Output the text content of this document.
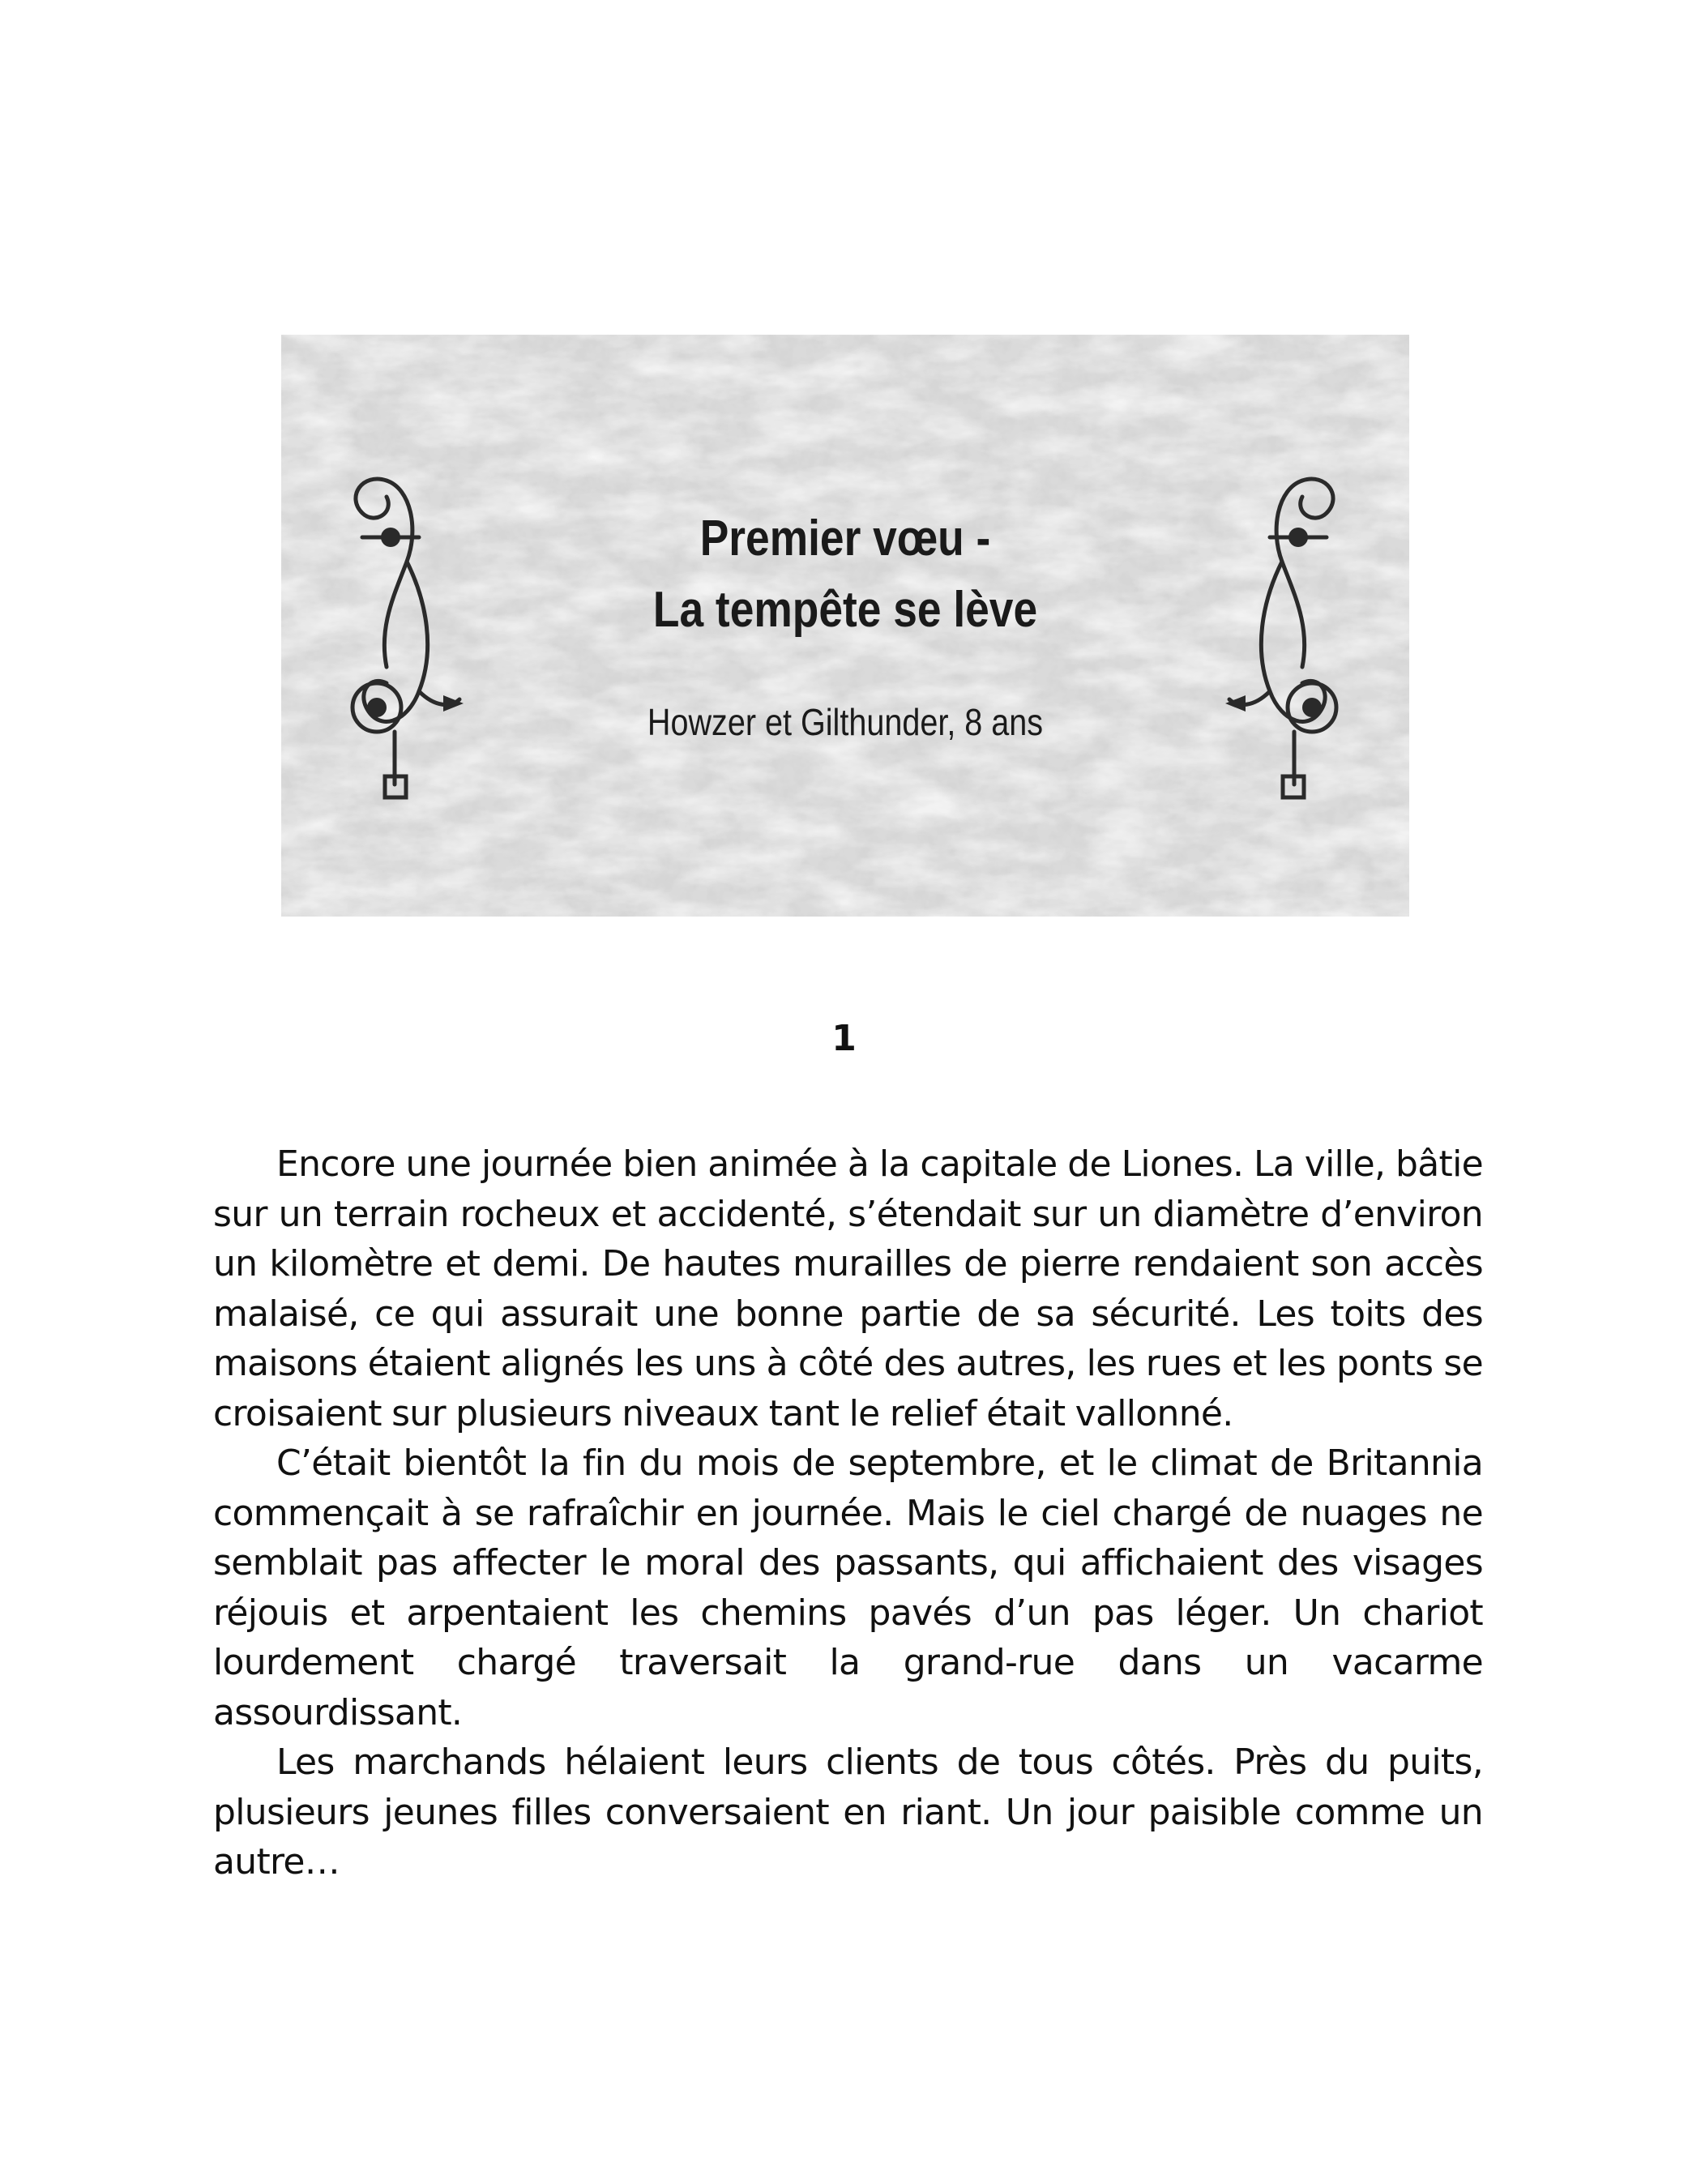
Premier vœu -

La tempête se lève

Howzer et Gilthunder, 8 ans

1

Encore une journée bien animée à la capitale de Liones. La ville, bâtie sur un terrain rocheux et accidenté, s’étendait sur un diamètre d’environ un kilomètre et demi. De hautes murailles de pierre rendaient son accès malaisé, ce qui assurait une bonne partie de sa sécurité. Les toits des maisons étaient alignés les uns à côté des autres, les rues et les ponts se croisaient sur plusieurs niveaux tant le relief était vallonné.

C’était bientôt la fin du mois de septembre, et le climat de Britannia commençait à se rafraîchir en journée. Mais le ciel chargé de nuages ne semblait pas affecter le moral des passants, qui affichaient des visages réjouis et arpentaient les chemins pavés d’un pas léger. Un chariot lourdement chargé traversait la grand-rue dans un vacarme assourdissant.

Les marchands hélaient leurs clients de tous côtés. Près du puits, plusieurs jeunes filles conversaient en riant. Un jour paisible comme un autre…
